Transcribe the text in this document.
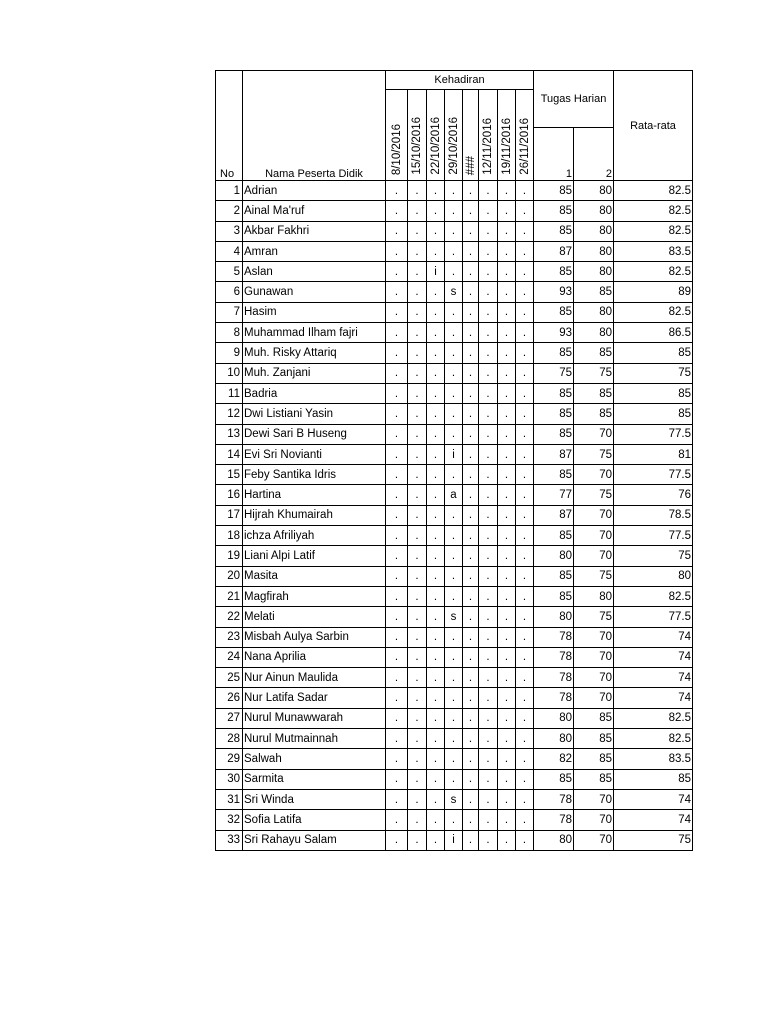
No	Nama Peserta Didik	Kehadiran								Tugas Harian		Rata-rata
		8/10/2016	15/10/2016	22/10/2016	29/10/2016	###	12/11/2016	19/11/2016	26/11/2016			
										1	2	
1	Adrian	.	.	.	.	.	.	.	.	85	80	82.5
2	Ainal Ma'ruf	.	.	.	.	.	.	.	.	85	80	82.5
3	Akbar Fakhri	.	.	.	.	.	.	.	.	85	80	82.5
4	Amran	.	.	.	.	.	.	.	.	87	80	83.5
5	Aslan	.	.	i	.	.	.	.	.	85	80	82.5
6	Gunawan	.	.	.	s	.	.	.	.	93	85	89
7	Hasim	.	.	.	.	.	.	.	.	85	80	82.5
8	Muhammad Ilham fajri	.	.	.	.	.	.	.	.	93	80	86.5
9	Muh. Risky Attariq	.	.	.	.	.	.	.	.	85	85	85
10	Muh. Zanjani	.	.	.	.	.	.	.	.	75	75	75
11	Badria	.	.	.	.	.	.	.	.	85	85	85
12	Dwi Listiani Yasin	.	.	.	.	.	.	.	.	85	85	85
13	Dewi Sari B Huseng	.	.	.	.	.	.	.	.	85	70	77.5
14	Evi Sri Novianti	.	.	.	i	.	.	.	.	87	75	81
15	Feby Santika Idris	.	.	.	.	.	.	.	.	85	70	77.5
16	Hartina	.	.	.	a	.	.	.	.	77	75	76
17	Hijrah Khumairah	.	.	.	.	.	.	.	.	87	70	78.5
18	ichza Afriliyah	.	.	.	.	.	.	.	.	85	70	77.5
19	Liani Alpi Latif	.	.	.	.	.	.	.	.	80	70	75
20	Masita	.	.	.	.	.	.	.	.	85	75	80
21	Magfirah	.	.	.	.	.	.	.	.	85	80	82.5
22	Melati	.	.	.	s	.	.	.	.	80	75	77.5
23	Misbah Aulya Sarbin	.	.	.	.	.	.	.	.	78	70	74
24	Nana Aprilia	.	.	.	.	.	.	.	.	78	70	74
25	Nur Ainun Maulida	.	.	.	.	.	.	.	.	78	70	74
26	Nur Latifa Sadar	.	.	.	.	.	.	.	.	78	70	74
27	Nurul Munawwarah	.	.	.	.	.	.	.	.	80	85	82.5
28	Nurul Mutmainnah	.	.	.	.	.	.	.	.	80	85	82.5
29	Salwah	.	.	.	.	.	.	.	.	82	85	83.5
30	Sarmita	.	.	.	.	.	.	.	.	85	85	85
31	Sri Winda	.	.	.	s	.	.	.	.	78	70	74
32	Sofia Latifa	.	.	.	.	.	.	.	.	78	70	74
33	Sri Rahayu Salam	.	.	.	i	.	.	.	.	80	70	75
